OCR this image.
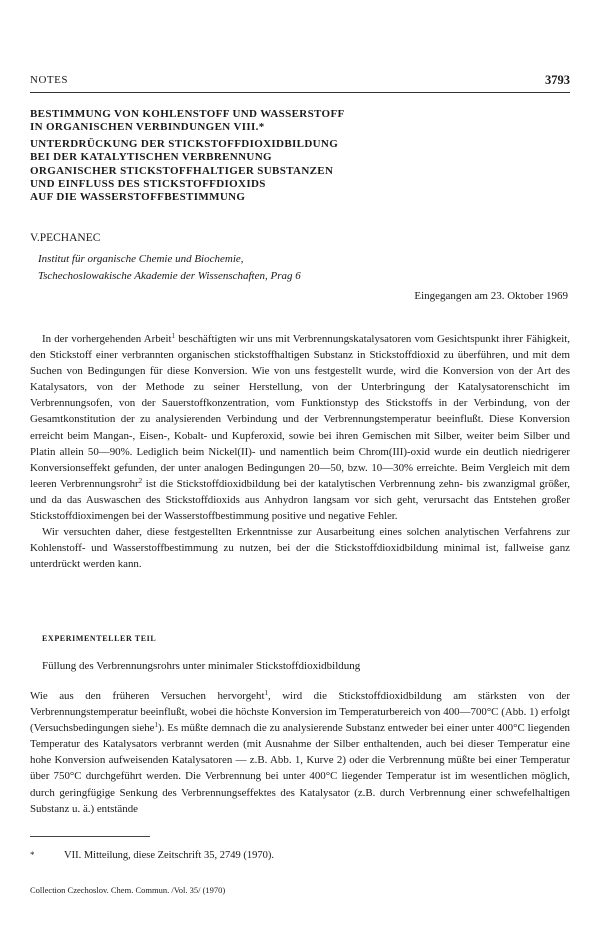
NOTES	3793
BESTIMMUNG VON KOHLENSTOFF UND WASSERSTOFF
IN ORGANISCHEN VERBINDUNGEN VIII.*
UNTERDRÜCKUNG DER STICKSTOFFDIOXIDBILDUNG
BEI DER KATALYTISCHEN VERBRENNUNG
ORGANISCHER STICKSTOFFHALTIGER SUBSTANZEN
UND EINFLUSS DES STICKSTOFFDIOXIDS
AUF DIE WASSERSTOFFBESTIMMUNG
V.PECHANEC
Institut für organische Chemie und Biochemie,
Tschechoslowakische Akademie der Wissenschaften, Prag 6
Eingegangen am 23. Oktober 1969

In der vorhergehenden Arbeit$^1$ beschäftigten wir uns mit Verbrennungskatalysatoren vom Gesichtspunkt ihrer Fähigkeit, den Stickstoff einer verbrannten organischen stickstoffhaltigen Substanz in Stickstoffdioxid zu überführen, und mit dem Suchen von Bedingungen für diese Konversion. Wie von uns festgestellt wurde, wird die Konversion von der Art des Katalysators, von der Methode zu seiner Herstellung, von der Unterbringung der Katalysatorenschicht im Verbrennungsofen, von der Sauerstoffkonzentration, vom Funktionstyp des Stickstoffs in der Verbindung, von der Gesamtkonstitution der zu analysierenden Verbindung und der Verbrennungstemperatur beeinflußt. Diese Konversion erreicht beim Mangan-, Eisen-, Kobalt- und Kupferoxid, sowie bei ihren Gemischen mit Silber, weiter beim Silber und Platin allein 50—90%. Lediglich beim Nickel(II)- und namentlich beim Chrom(III)-oxid wurde ein deutlich niedrigerer Konversionseffekt gefunden, der unter analogen Bedingungen 20—50, bzw. 10—30% erreichte. Beim Vergleich mit dem leeren Verbrennungsrohr$^2$ ist die Stickstoffdioxidbildung bei der katalytischen Verbrennung zehn- bis zwanzigmal größer, und da das Auswaschen des Stickstoffdioxids aus Anhydron langsam vor sich geht, verursacht das Entstehen großer Stickstoffdioximengen bei der Wasserstoffbestimmung positive und negative Fehler.

Wir versuchten daher, diese festgestellten Erkenntnisse zur Ausarbeitung eines solchen analytischen Verfahrens zur Kohlenstoff- und Wasserstoffbestimmung zu nutzen, bei der die Stickstoffdioxidbildung minimal ist, fallweise ganz unterdrückt werden kann.

EXPERIMENTELLER TEIL
Füllung des Verbrennungsrohrs unter minimaler Stickstoffdioxidbildung

Wie aus den früheren Versuchen hervorgeht$^1$, wird die Stickstoffdioxidbildung am stärksten von der Verbrennungstemperatur beeinflußt, wobei die höchste Konversion im Temperaturbereich von 400—700°C (Abb. 1) erfolgt (Versuchsbedingungen siehe$^1$). Es müßte demnach die zu analysierende Substanz entweder bei einer unter 400°C liegenden Temperatur des Katalysators verbrannt werden (mit Ausnahme der Silber enthaltenden, auch bei dieser Temperatur eine hohe Konversion aufweisenden Katalysatoren — z.B. Abb. 1, Kurve 2) oder die Verbrennung müßte bei einer Temperatur über 750°C durchgeführt werden. Die Verbrennung bei unter 400°C liegender Temperatur ist im wesentlichen möglich, durch geringfügige Senkung des Verbrennungseffektes des Katalysator (z.B. durch Verbrennung einer schwefelhaltigen Substanz u. ä.) entstände

*	VII. Mitteilung, diese Zeitschrift 35, 2749 (1970).
Collection Czechoslov. Chem. Commun. /Vol. 35/ (1970)
